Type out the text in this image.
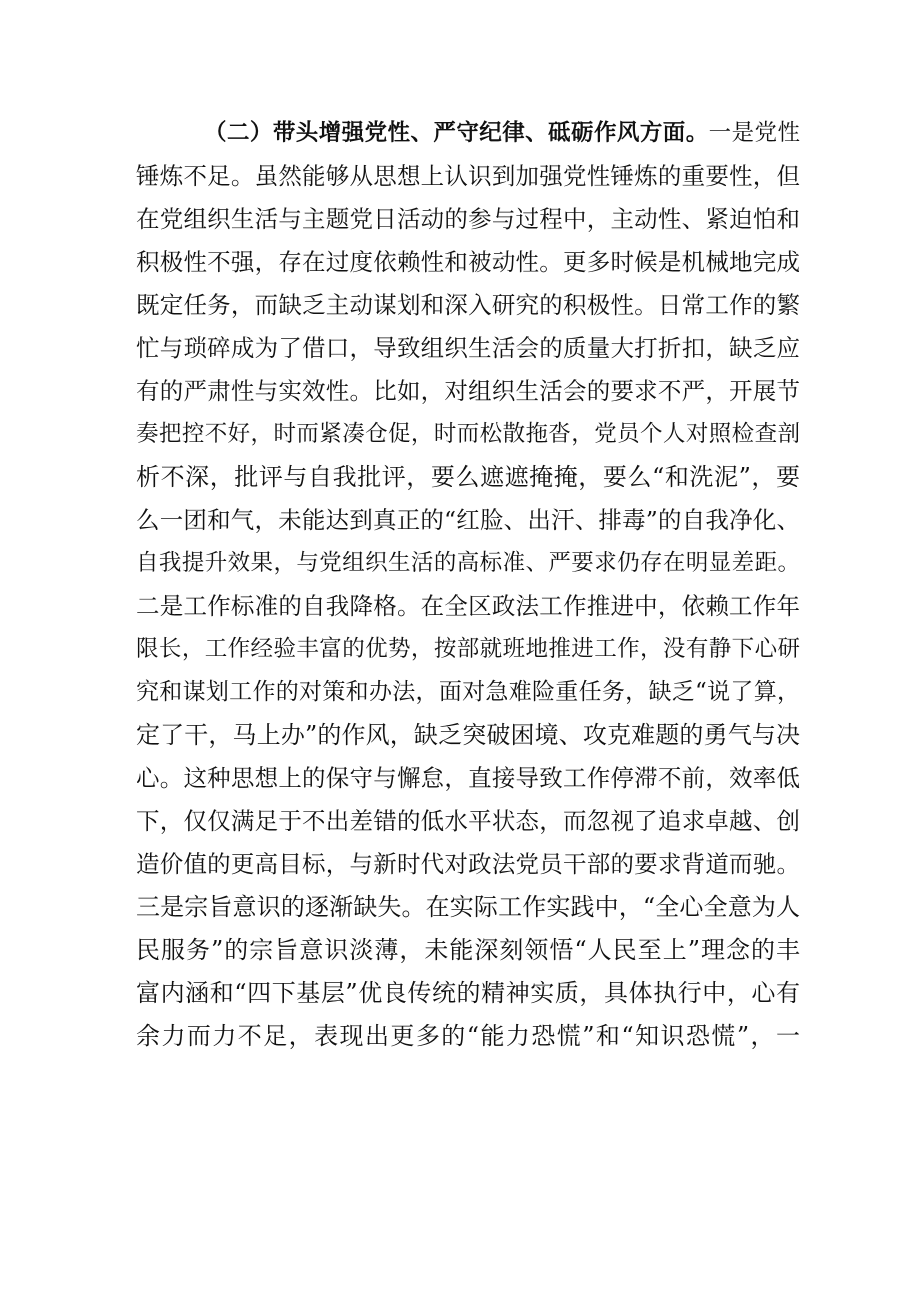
（二）带头增强党性、严守纪律、砥砺作风方面。一是党性
锤炼不足。虽然能够从思想上认识到加强党性锤炼的重要性，但
在党组织生活与主题党日活动的参与过程中，主动性、紧迫怕和
积极性不强，存在过度依赖性和被动性。更多时候是机械地完成
既定任务，而缺乏主动谋划和深入研究的积极性。日常工作的繁
忙与琐碎成为了借口，导致组织生活会的质量大打折扣，缺乏应
有的严肃性与实效性。比如，对组织生活会的要求不严，开展节
奏把控不好，时而紧凑仓促，时而松散拖沓，党员个人对照检查剖
析不深，批评与自我批评，要么遮遮掩掩，要么“和洗泥”，要
么一团和气，未能达到真正的“红脸、出汗、排毒”的自我净化、
自我提升效果，与党组织生活的高标准、严要求仍存在明显差距。
二是工作标准的自我降格。在全区政法工作推进中，依赖工作年
限长，工作经验丰富的优势，按部就班地推进工作，没有静下心研
究和谋划工作的对策和办法，面对急难险重任务，缺乏“说了算，
定了干，马上办”的作风，缺乏突破困境、攻克难题的勇气与决
心。这种思想上的保守与懈怠，直接导致工作停滞不前，效率低
下，仅仅满足于不出差错的低水平状态，而忽视了追求卓越、创
造价值的更高目标，与新时代对政法党员干部的要求背道而驰。
三是宗旨意识的逐渐缺失。在实际工作实践中，“全心全意为人
民服务”的宗旨意识淡薄，未能深刻领悟“人民至上”理念的丰
富内涵和“四下基层”优良传统的精神实质，具体执行中，心有
余力而力不足，表现出更多的“能力恐慌”和“知识恐慌”，一
